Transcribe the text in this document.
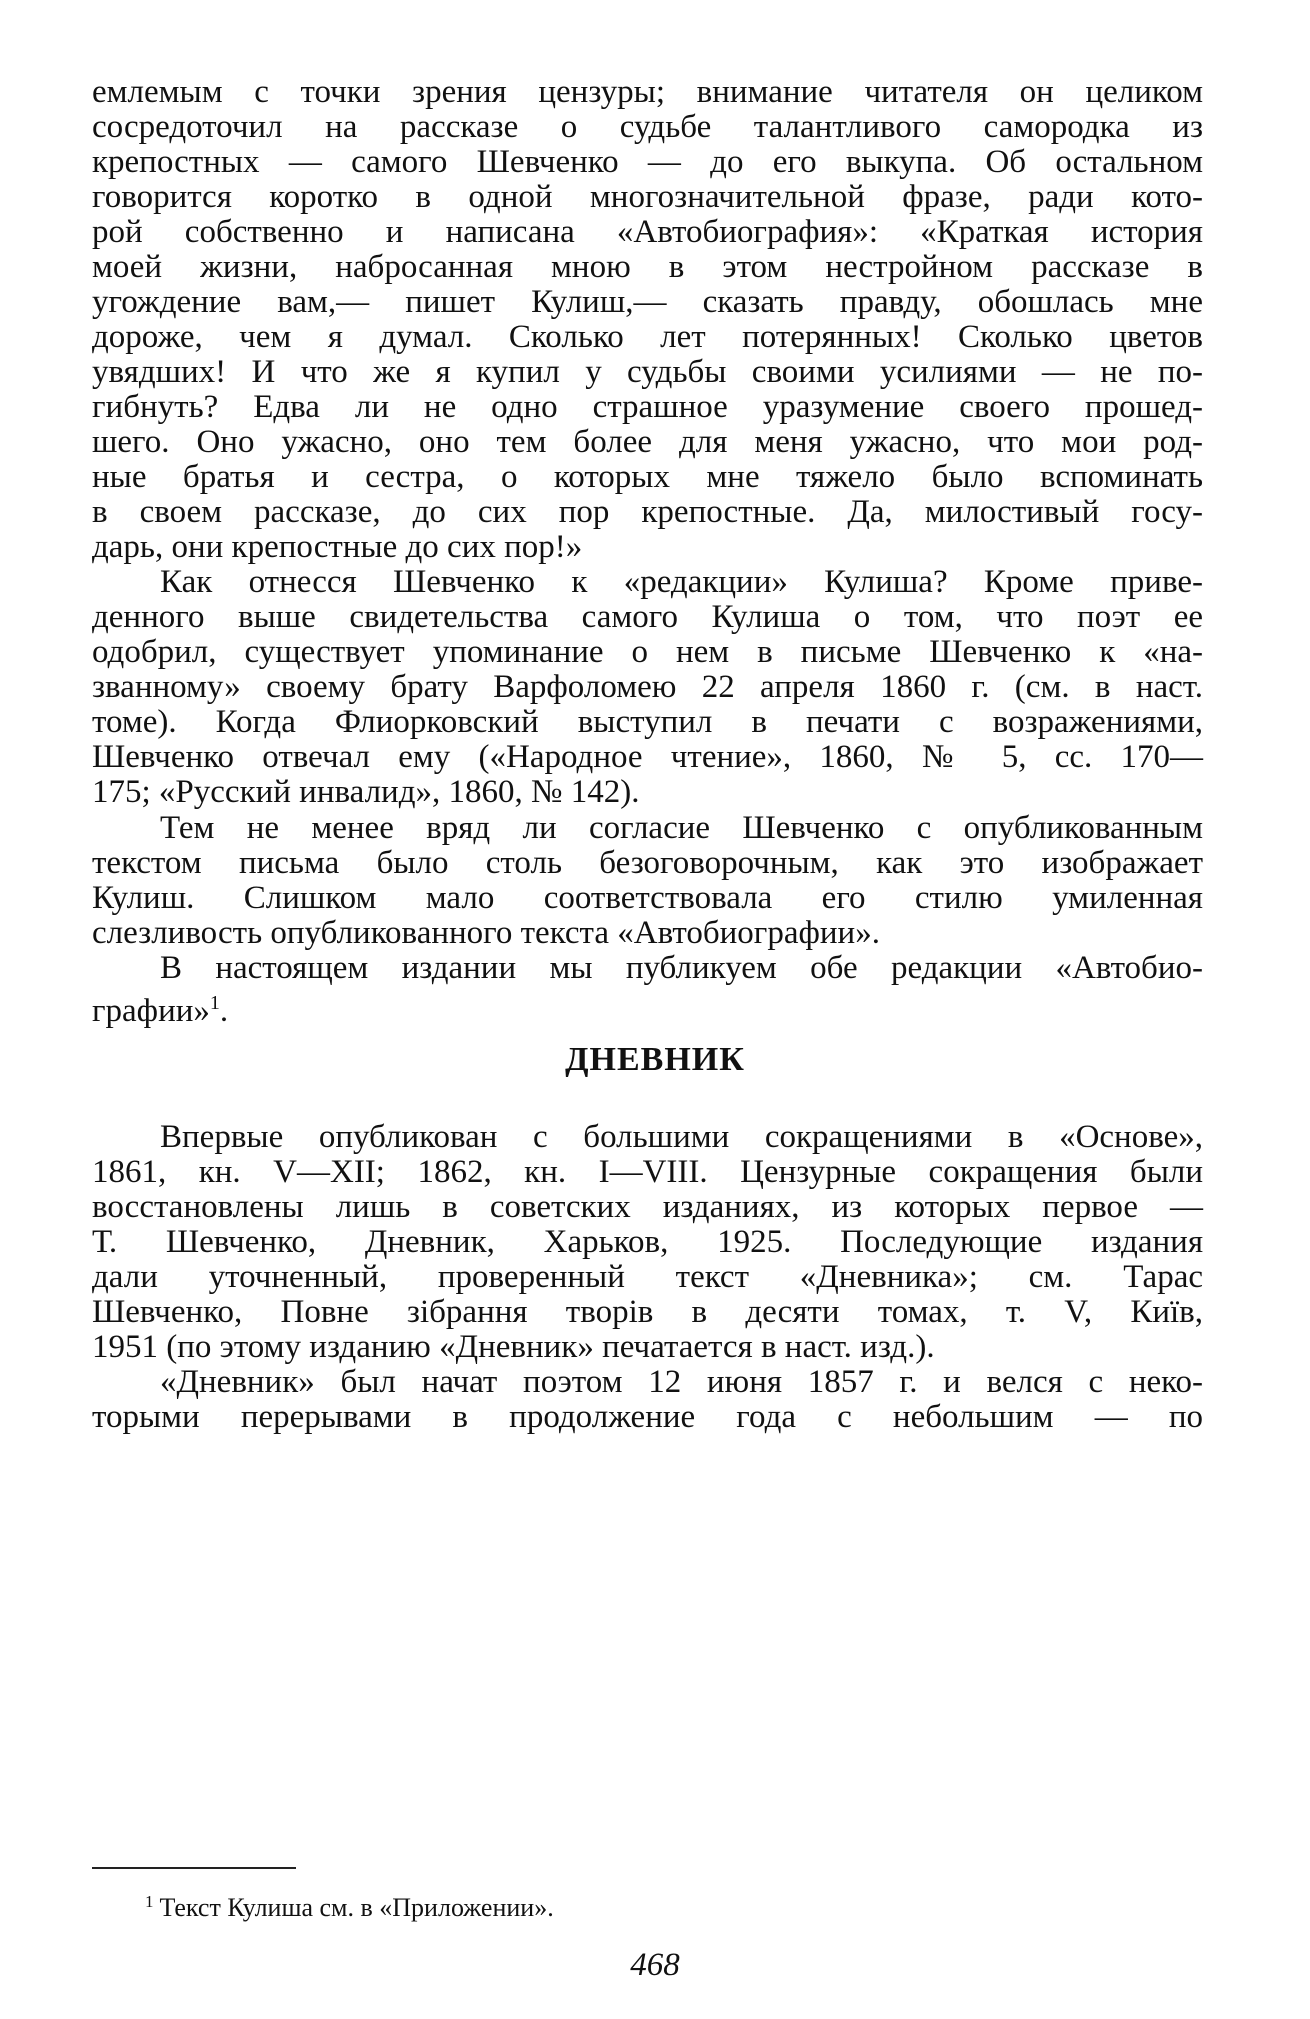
емлемым с точки зрения цензуры; внимание читателя он целиком
сосредоточил на рассказе о судьбе талантливого самородка из
крепостных — самого Шевченко — до его выкупа. Об остальном
говорится коротко в одной многозначительной фразе, ради кото-
рой собственно и написана «Автобиография»: «Краткая история
моей жизни, набросанная мною в этом нестройном рассказе в
угождение вам,— пишет Кулиш,— сказать правду, обошлась мне
дороже, чем я думал. Сколько лет потерянных! Сколько цветов
увядших! И что же я купил у судьбы своими усилиями — не по-
гибнуть? Едва ли не одно страшное уразумение своего прошед-
шего. Оно ужасно, оно тем более для меня ужасно, что мои род-
ные братья и сестра, о которых мне тяжело было вспоминать
в своем рассказе, до сих пор крепостные. Да, милостивый госу-
дарь, они крепостные до сих пор!»
Как отнесся Шевченко к «редакции» Кулиша? Кроме приве-
денного выше свидетельства самого Кулиша о том, что поэт ее
одобрил, существует упоминание о нем в письме Шевченко к «на-
званному» своему брату Варфоломею 22 апреля 1860 г. (см. в наст.
томе). Когда Флиорковский выступил в печати с возражениями,
Шевченко отвечал ему («Народное чтение», 1860, № 5, сс. 170—
175; «Русский инвалид», 1860, № 142).
Тем не менее вряд ли согласие Шевченко с опубликованным
текстом письма было столь безоговорочным, как это изображает
Кулиш. Слишком мало соответствовала его стилю умиленная
слезливость опубликованного текста «Автобиографии».
В настоящем издании мы публикуем обе редакции «Автобио-
графии»$^1$.
ДНЕВНИК
Впервые опубликован с большими сокращениями в «Основе»,
1861, кн. V—XII; 1862, кн. I—VIII. Цензурные сокращения были
восстановлены лишь в советских изданиях, из которых первое —
Т. Шевченко, Дневник, Харьков, 1925. Последующие издания
дали уточненный, проверенный текст «Дневника»; см. Тарас
Шевченко, Повне зібрання творів в десяти томах, т. V, Київ,
1951 (по этому изданию «Дневник» печатается в наст. изд.).
«Дневник» был начат поэтом 12 июня 1857 г. и велся с неко-
торыми перерывами в продолжение года с небольшим — по
$^1$ Текст Кулиша см. в «Приложении».
468
